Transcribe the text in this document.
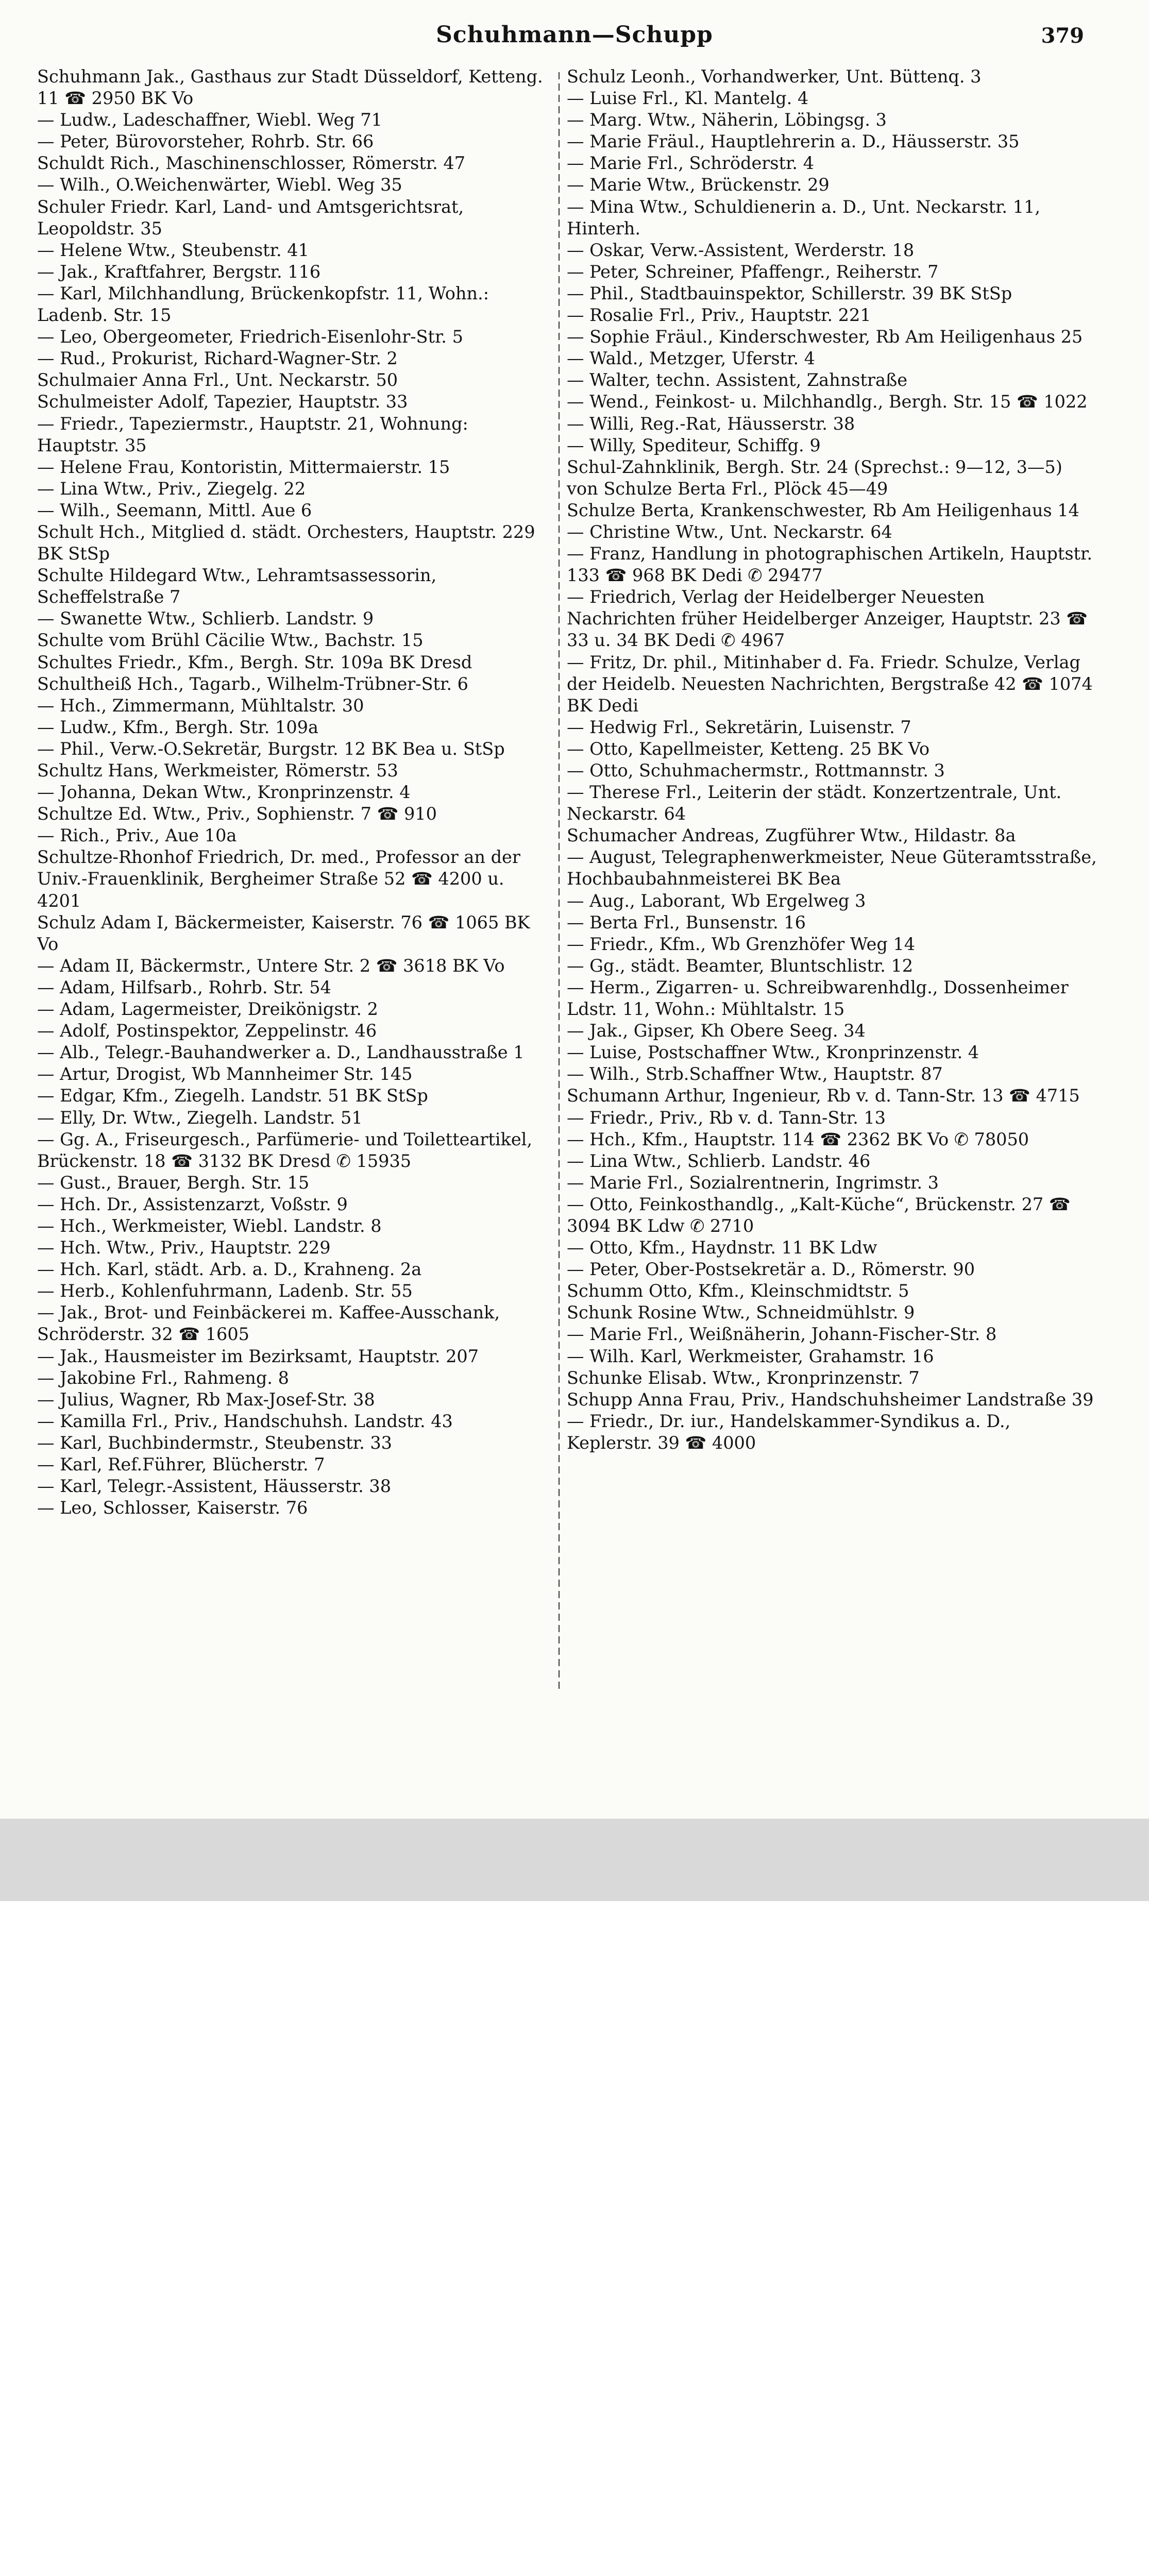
Schuhmann—Schupp	379
Schuhmann Jak., Gasthaus zur Stadt Düsseldorf, Ketteng. 11 ☎ 2950 BK Vo
— Ludw., Ladeschaffner, Wiebl. Weg 71
— Peter, Bürovorsteher, Rohrb. Str. 66
Schuldt Rich., Maschinenschlosser, Römerstr. 47
— Wilh., O.Weichenwärter, Wiebl. Weg 35
Schuler Friedr. Karl, Land- und Amtsgerichtsrat, Leopoldstr. 35
— Helene Wtw., Steubenstr. 41
— Jak., Kraftfahrer, Bergstr. 116
— Karl, Milchhandlung, Brückenkopfstr. 11, Wohn.: Ladenb. Str. 15
— Leo, Obergeometer, Friedrich-Eisenlohr-Str. 5
— Rud., Prokurist, Richard-Wagner-Str. 2
Schulmaier Anna Frl., Unt. Neckarstr. 50
Schulmeister Adolf, Tapezier, Hauptstr. 33
— Friedr., Tapeziermstr., Hauptstr. 21, Wohnung: Hauptstr. 35
— Helene Frau, Kontoristin, Mittermaierstr. 15
— Lina Wtw., Priv., Ziegelg. 22
— Wilh., Seemann, Mittl. Aue 6
Schult Hch., Mitglied d. städt. Orchesters, Hauptstr. 229 BK StSp
Schulte Hildegard Wtw., Lehramtsassessorin, Scheffelstraße 7
— Swanette Wtw., Schlierb. Landstr. 9
Schulte vom Brühl Cäcilie Wtw., Bachstr. 15
Schultes Friedr., Kfm., Bergh. Str. 109a BK Dresd
Schultheiß Hch., Tagarb., Wilhelm-Trübner-Str. 6
— Hch., Zimmermann, Mühltalstr. 30
— Ludw., Kfm., Bergh. Str. 109a
— Phil., Verw.-O.Sekretär, Burgstr. 12 BK Bea u. StSp
Schultz Hans, Werkmeister, Römerstr. 53
— Johanna, Dekan Wtw., Kronprinzenstr. 4
Schultze Ed. Wtw., Priv., Sophienstr. 7 ☎ 910
— Rich., Priv., Aue 10a
Schultze-Rhonhof Friedrich, Dr. med., Professor an der Univ.-Frauenklinik, Bergheimer Straße 52 ☎ 4200 u. 4201
Schulz Adam I, Bäckermeister, Kaiserstr. 76 ☎ 1065 BK Vo
— Adam II, Bäckermstr., Untere Str. 2 ☎ 3618 BK Vo
— Adam, Hilfsarb., Rohrb. Str. 54
— Adam, Lagermeister, Dreikönigstr. 2
— Adolf, Postinspektor, Zeppelinstr. 46
— Alb., Telegr.-Bauhandwerker a. D., Landhausstraße 1
— Artur, Drogist, Wb Mannheimer Str. 145
— Edgar, Kfm., Ziegelh. Landstr. 51 BK StSp
— Elly, Dr. Wtw., Ziegelh. Landstr. 51
— Gg. A., Friseurgesch., Parfümerie- und Toiletteartikel, Brückenstr. 18 ☎ 3132 BK Dresd ✆ 15935
— Gust., Brauer, Bergh. Str. 15
— Hch. Dr., Assistenzarzt, Voßstr. 9
— Hch., Werkmeister, Wiebl. Landstr. 8
— Hch. Wtw., Priv., Hauptstr. 229
— Hch. Karl, städt. Arb. a. D., Krahneng. 2a
— Herb., Kohlenfuhrmann, Ladenb. Str. 55
— Jak., Brot- und Feinbäckerei m. Kaffee-Ausschank, Schröderstr. 32 ☎ 1605
— Jak., Hausmeister im Bezirksamt, Hauptstr. 207
— Jakobine Frl., Rahmeng. 8
— Julius, Wagner, Rb Max-Josef-Str. 38
— Kamilla Frl., Priv., Handschuhsh. Landstr. 43
— Karl, Buchbindermstr., Steubenstr. 33
— Karl, Ref.Führer, Blücherstr. 7
— Karl, Telegr.-Assistent, Häusserstr. 38
— Leo, Schlosser, Kaiserstr. 76
Schulz Leonh., Vorhandwerker, Unt. Büttenq. 3
— Luise Frl., Kl. Mantelg. 4
— Marg. Wtw., Näherin, Löbingsg. 3
— Marie Fräul., Hauptlehrerin a. D., Häusserstr. 35
— Marie Frl., Schröderstr. 4
— Marie Wtw., Brückenstr. 29
— Mina Wtw., Schuldienerin a. D., Unt. Neckarstr. 11, Hinterh.
— Oskar, Verw.-Assistent, Werderstr. 18
— Peter, Schreiner, Pfaffengr., Reiherstr. 7
— Phil., Stadtbauinspektor, Schillerstr. 39 BK StSp
— Rosalie Frl., Priv., Hauptstr. 221
— Sophie Fräul., Kinderschwester, Rb Am Heiligenhaus 25
— Wald., Metzger, Uferstr. 4
— Walter, techn. Assistent, Zahnstraße
— Wend., Feinkost- u. Milchhandlg., Bergh. Str. 15 ☎ 1022
— Willi, Reg.-Rat, Häusserstr. 38
— Willy, Spediteur, Schiffg. 9
Schul-Zahnklinik, Bergh. Str. 24 (Sprechst.: 9—12, 3—5)
von Schulze Berta Frl., Plöck 45—49
Schulze Berta, Krankenschwester, Rb Am Heiligenhaus 14
— Christine Wtw., Unt. Neckarstr. 64
— Franz, Handlung in photographischen Artikeln, Hauptstr. 133 ☎ 968 BK Dedi ✆ 29477
— Friedrich, Verlag der Heidelberger Neuesten Nachrichten früher Heidelberger Anzeiger, Hauptstr. 23 ☎ 33 u. 34 BK Dedi ✆ 4967
— Fritz, Dr. phil., Mitinhaber d. Fa. Friedr. Schulze, Verlag der Heidelb. Neuesten Nachrichten, Bergstraße 42 ☎ 1074 BK Dedi
— Hedwig Frl., Sekretärin, Luisenstr. 7
— Otto, Kapellmeister, Ketteng. 25 BK Vo
— Otto, Schuhmachermstr., Rottmannstr. 3
— Therese Frl., Leiterin der städt. Konzertzentrale, Unt. Neckarstr. 64
Schumacher Andreas, Zugführer Wtw., Hildastr. 8a
— August, Telegraphenwerkmeister, Neue Güteramtsstraße, Hochbaubahnmeisterei BK Bea
— Aug., Laborant, Wb Ergelweg 3
— Berta Frl., Bunsenstr. 16
— Friedr., Kfm., Wb Grenzhöfer Weg 14
— Gg., städt. Beamter, Bluntschlistr. 12
— Herm., Zigarren- u. Schreibwarenhdlg., Dossenheimer Ldstr. 11, Wohn.: Mühltalstr. 15
— Jak., Gipser, Kh Obere Seeg. 34
— Luise, Postschaffner Wtw., Kronprinzenstr. 4
— Wilh., Strb.Schaffner Wtw., Hauptstr. 87
Schumann Arthur, Ingenieur, Rb v. d. Tann-Str. 13 ☎ 4715
— Friedr., Priv., Rb v. d. Tann-Str. 13
— Hch., Kfm., Hauptstr. 114 ☎ 2362 BK Vo ✆ 78050
— Lina Wtw., Schlierb. Landstr. 46
— Marie Frl., Sozialrentnerin, Ingrimstr. 3
— Otto, Feinkosthandlg., „Kalt-Küche“, Brückenstr. 27 ☎ 3094 BK Ldw ✆ 2710
— Otto, Kfm., Haydnstr. 11 BK Ldw
— Peter, Ober-Postsekretär a. D., Römerstr. 90
Schumm Otto, Kfm., Kleinschmidtstr. 5
Schunk Rosine Wtw., Schneidmühlstr. 9
— Marie Frl., Weißnäherin, Johann-Fischer-Str. 8
— Wilh. Karl, Werkmeister, Grahamstr. 16
Schunke Elisab. Wtw., Kronprinzenstr. 7
Schupp Anna Frau, Priv., Handschuhsheimer Landstraße 39
— Friedr., Dr. iur., Handelskammer-Syndikus a. D., Keplerstr. 39 ☎ 4000
